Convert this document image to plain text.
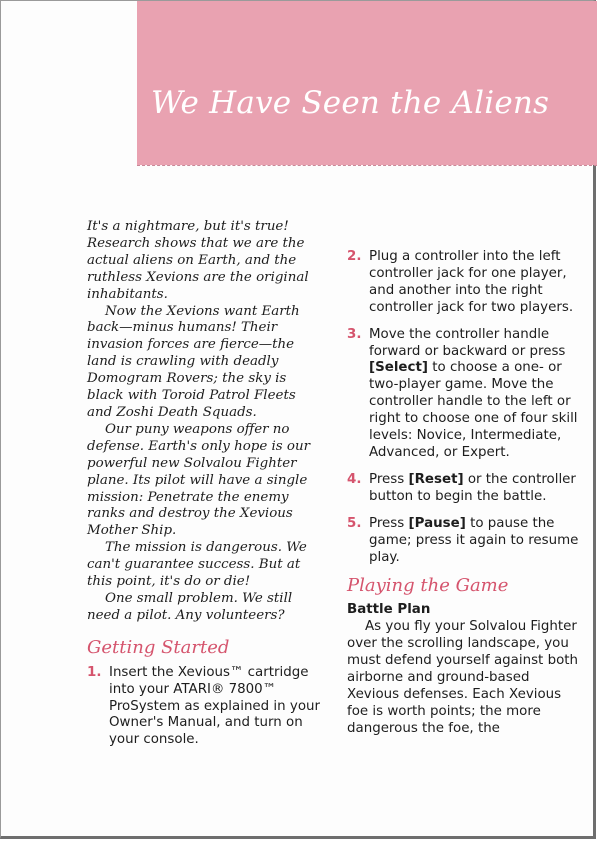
We Have Seen the Aliens

It's a nightmare, but it's true! Research shows that we are the actual aliens on Earth, and the ruthless Xevions are the original inhabitants.

Now the Xevions want Earth back—minus humans! Their invasion forces are fierce—the land is crawling with deadly Domogram Rovers; the sky is black with Toroid Patrol Fleets and Zoshi Death Squads.

Our puny weapons offer no defense. Earth's only hope is our powerful new Solvalou Fighter plane. Its pilot will have a single mission: Penetrate the enemy ranks and destroy the Xevious Mother Ship.

The mission is dangerous. We can't guarantee success. But at this point, it's do or die!

One small problem. We still need a pilot. Any volunteers?

Getting Started
1. Insert the Xevious™ cartridge into your ATARI® 7800™ ProSystem as explained in your Owner's Manual, and turn on your console.
2. Plug a controller into the left controller jack for one player, and another into the right controller jack for two players.
3. Move the controller handle forward or backward or press [Select] to choose a one- or two-player game. Move the controller handle to the left or right to choose one of four skill levels: Novice, Intermediate, Advanced, or Expert.
4. Press [Reset] or the controller button to begin the battle.
5. Press [Pause] to pause the game; press it again to resume play.
Playing the Game
Battle Plan

As you fly your Solvalou Fighter over the scrolling landscape, you must defend yourself against both airborne and ground-based Xevious defenses. Each Xevious foe is worth points; the more dangerous the foe, the
